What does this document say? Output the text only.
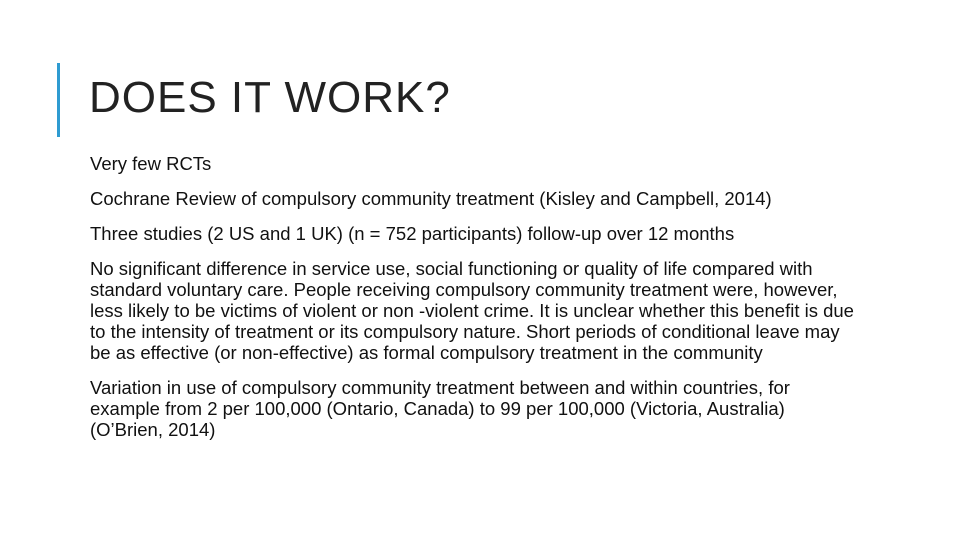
DOES IT WORK?
Very few RCTs
Cochrane Review of compulsory community treatment (Kisley and Campbell, 2014)
Three studies (2 US and 1 UK) (n = 752 participants) follow-up over 12 months
No significant difference in service use, social functioning or quality of life compared with standard voluntary care. People receiving compulsory community treatment were, however, less likely to be victims of violent or non -violent crime. It is unclear whether this benefit is due to the intensity of treatment or its compulsory nature. Short periods of conditional leave may be as effective (or non-effective) as formal compulsory treatment in the community
Variation in use of compulsory community treatment between and within countries, for example from 2 per 100,000 (Ontario, Canada) to 99 per 100,000 (Victoria, Australia) (O’Brien, 2014)
